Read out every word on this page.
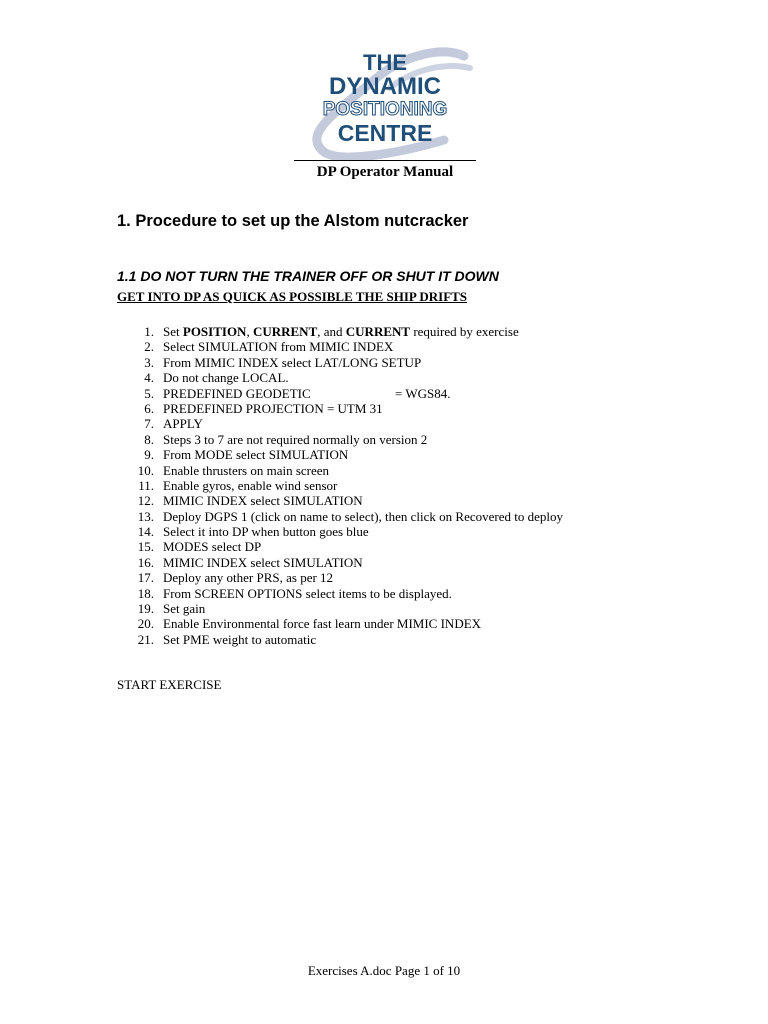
THE
DYNAMIC
POSITIONING
CENTRE
DP Operator Manual
1. Procedure to set up the Alstom nutcracker
1.1 DO NOT TURN THE TRAINER OFF OR SHUT IT DOWN
GET INTO DP AS QUICK AS POSSIBLE THE SHIP DRIFTS
1. Set POSITION, CURRENT, and CURRENT required by exercise
2. Select SIMULATION from MIMIC INDEX
3. From MIMIC INDEX select LAT/LONG SETUP
4. Do not change LOCAL.
5. PREDEFINED GEODETIC	= WGS84.
6. PREDEFINED PROJECTION = UTM 31
7. APPLY
8. Steps 3 to 7 are not required normally on version 2
9. From MODE select SIMULATION
10. Enable thrusters on main screen
11. Enable gyros, enable wind sensor
12. MIMIC INDEX select SIMULATION
13. Deploy DGPS 1 (click on name to select), then click on Recovered to deploy
14. Select it into DP when button goes blue
15. MODES select DP
16. MIMIC INDEX select SIMULATION
17. Deploy any other PRS, as per 12
18. From SCREEN OPTIONS select items to be displayed.
19. Set gain
20. Enable Environmental force fast learn under MIMIC INDEX
21. Set PME weight to automatic
START EXERCISE
Exercises A.doc Page 1 of 10
